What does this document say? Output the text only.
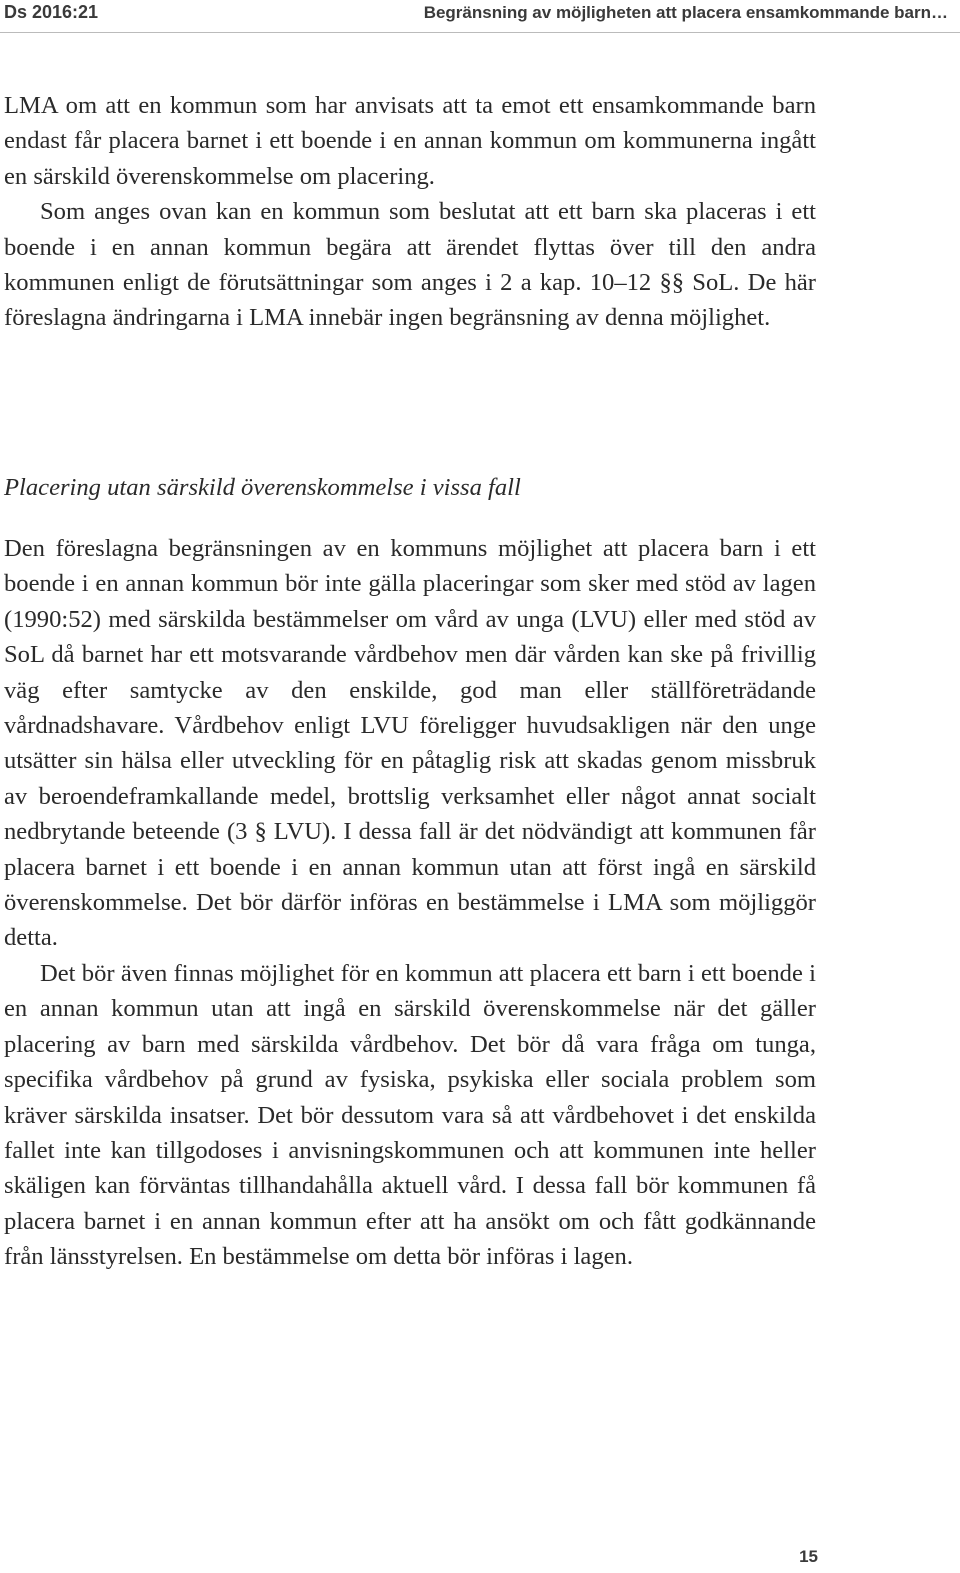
Ds 2016:21	Begränsning av möjligheten att placera ensamkommande barn…

LMA om att en kommun som har anvisats att ta emot ett ensamkommande barn endast får placera barnet i ett boende i en annan kommun om kommunerna ingått en särskild överenskommelse om placering.

Som anges ovan kan en kommun som beslutat att ett barn ska placeras i ett boende i en annan kommun begära att ärendet flyttas över till den andra kommunen enligt de förutsättningar som anges i 2 a kap. 10–12 §§ SoL. De här föreslagna ändringarna i LMA innebär ingen begränsning av denna möjlighet.

Placering utan särskild överenskommelse i vissa fall

Den föreslagna begränsningen av en kommuns möjlighet att placera barn i ett boende i en annan kommun bör inte gälla placeringar som sker med stöd av lagen (1990:52) med särskilda bestämmelser om vård av unga (LVU) eller med stöd av SoL då barnet har ett motsvarande vårdbehov men där vården kan ske på frivillig väg efter samtycke av den enskilde, god man eller ställföreträdande vårdnadshavare. Vårdbehov enligt LVU föreligger huvudsakligen när den unge utsätter sin hälsa eller utveckling för en påtaglig risk att skadas genom missbruk av beroendeframkallande medel, brottslig verksamhet eller något annat socialt nedbrytande beteende (3 § LVU). I dessa fall är det nödvändigt att kommunen får placera barnet i ett boende i en annan kommun utan att först ingå en särskild överenskommelse. Det bör därför införas en bestämmelse i LMA som möjliggör detta.

Det bör även finnas möjlighet för en kommun att placera ett barn i ett boende i en annan kommun utan att ingå en särskild överenskommelse när det gäller placering av barn med särskilda vårdbehov. Det bör då vara fråga om tunga, specifika vårdbehov på grund av fysiska, psykiska eller sociala problem som kräver särskilda insatser. Det bör dessutom vara så att vårdbehovet i det enskilda fallet inte kan tillgodoses i anvisningskommunen och att kommunen inte heller skäligen kan förväntas tillhandahålla aktuell vård. I dessa fall bör kommunen få placera barnet i en annan kommun efter att ha ansökt om och fått godkännande från länsstyrelsen. En bestämmelse om detta bör införas i lagen.

15
